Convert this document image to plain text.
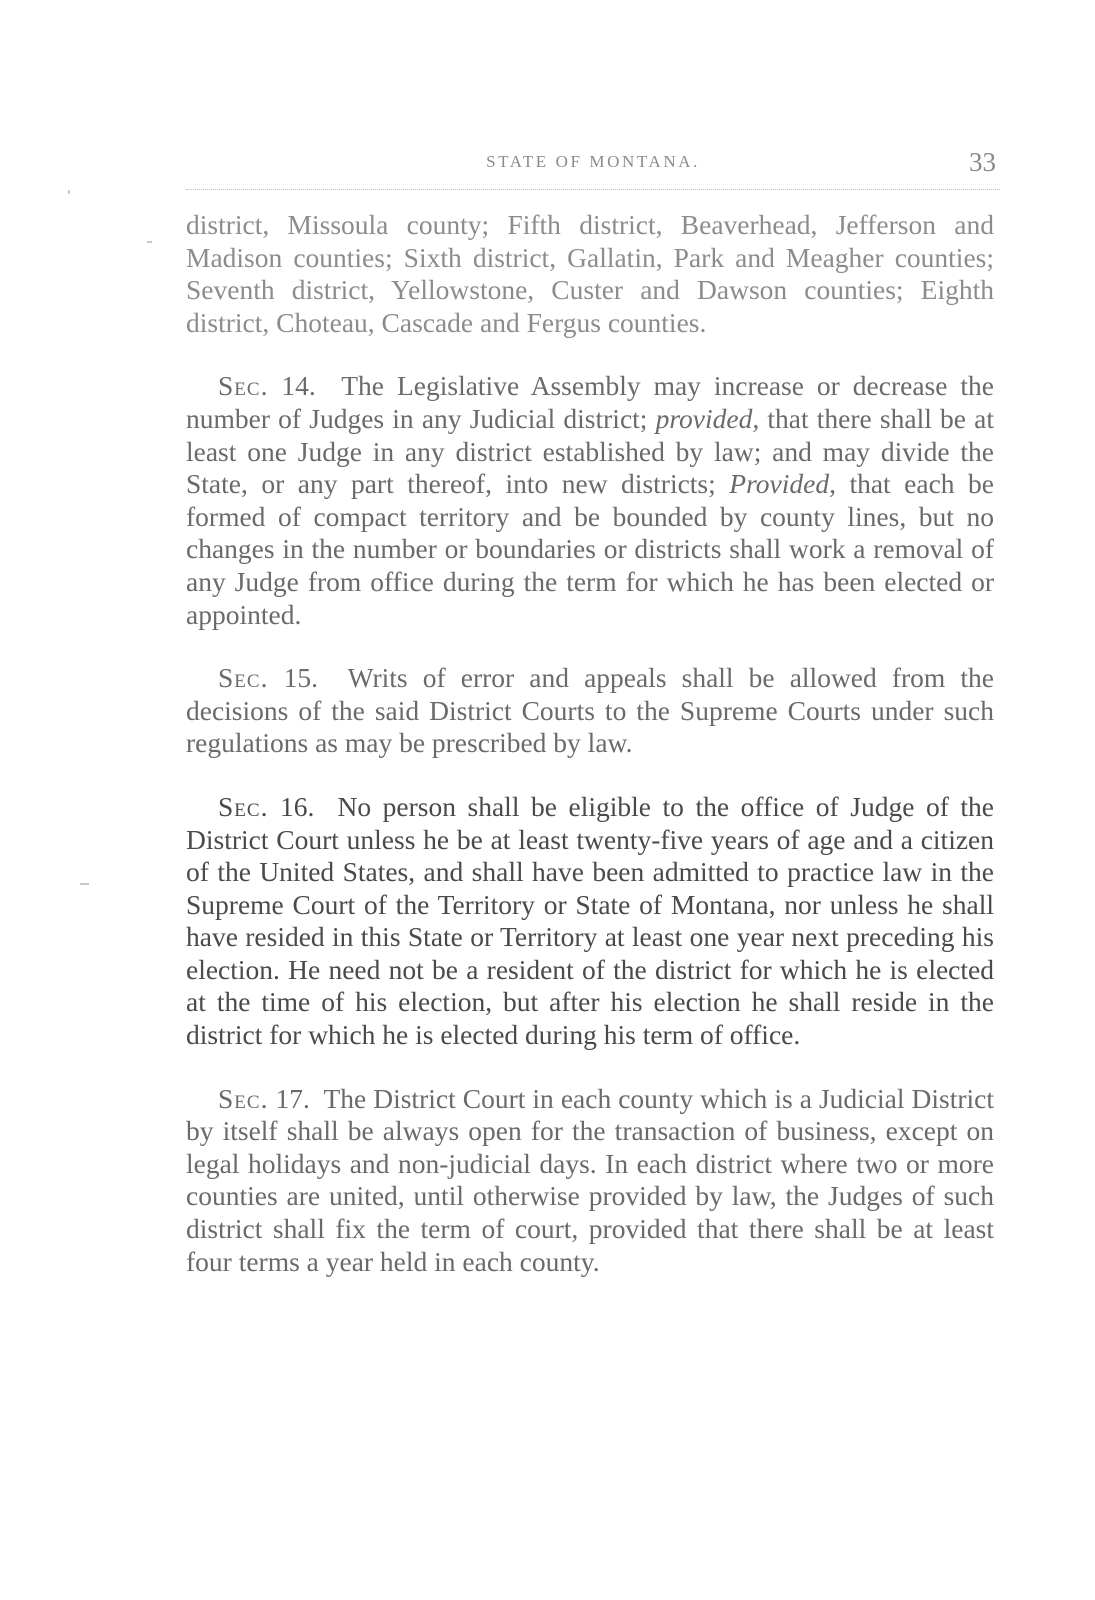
STATE OF MONTANA.	33

district, Missoula county; Fifth district, Beaverhead, Jefferson and Madison counties; Sixth district, Gallatin, Park and Meagher counties; Seventh district, Yellowstone, Custer and Dawson counties; Eighth district, Choteau, Cascade and Fergus counties.

Sec. 14. The Legislative Assembly may increase or decrease the number of Judges in any Judicial district; provided, that there shall be at least one Judge in any district established by law; and may divide the State, or any part thereof, into new districts; Provided, that each be formed of compact territory and be bounded by county lines, but no changes in the number or boundaries or districts shall work a removal of any Judge from office during the term for which he has been elected or appointed.

Sec. 15. Writs of error and appeals shall be allowed from the decisions of the said District Courts to the Supreme Courts under such regulations as may be prescribed by law.

Sec. 16. No person shall be eligible to the office of Judge of the District Court unless he be at least twenty-five years of age and a citizen of the United States, and shall have been admitted to practice law in the Supreme Court of the Territory or State of Montana, nor unless he shall have resided in this State or Territory at least one year next preceding his election. He need not be a resident of the district for which he is elected at the time of his election, but after his election he shall reside in the district for which he is elected during his term of office.

Sec. 17. The District Court in each county which is a Judicial District by itself shall be always open for the transaction of business, except on legal holidays and non-judicial days. In each district where two or more counties are united, until otherwise provided by law, the Judges of such district shall fix the term of court, provided that there shall be at least four terms a year held in each county.
